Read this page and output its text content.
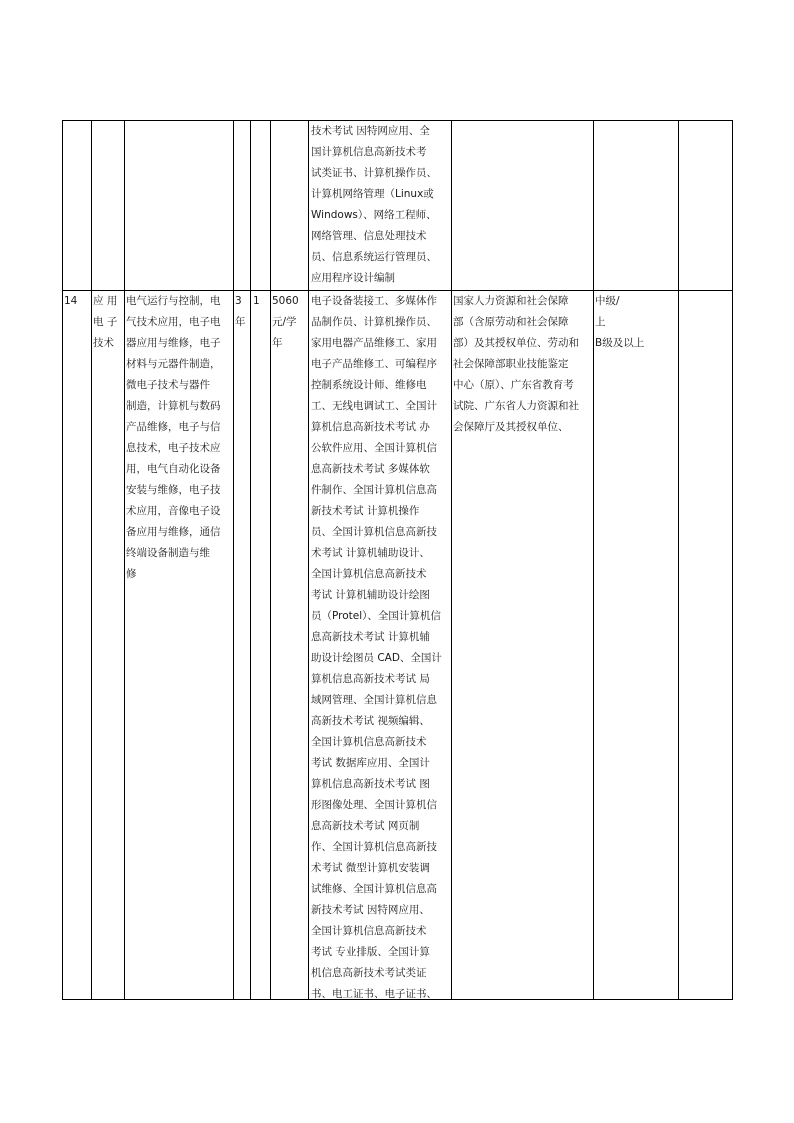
技术考试 因特网应用、全
国计算机信息高新技术考
试类证书、计算机操作员、
计算机网络管理（Linux或
Windows）、网络工程师、
网络管理、信息处理技术
员、信息系统运行管理员、
应用程序设计编制
14	应 用
电 子
技术
电气运行与控制，电
气技术应用，电子电
器应用与维修，电子
材料与元器件制造，
微电子技术与器件
制造，计算机与数码
产品维修，电子与信
息技术，电子技术应
用，电气自动化设备
安装与维修，电子技
术应用，音像电子设
备应用与维修，通信
终端设备制造与维
修
3
年
1	5060
元/学
年
电子设备装接工、多媒体作
品制作员、计算机操作员、
家用电器产品维修工、家用
电子产品维修工、可编程序
控制系统设计师、维修电
工、无线电调试工、全国计
算机信息高新技术考试 办
公软件应用、全国计算机信
息高新技术考试 多媒体软
件制作、全国计算机信息高
新技术考试 计算机操作
员、全国计算机信息高新技
术考试 计算机辅助设计、
全国计算机信息高新技术
考试 计算机辅助设计绘图
员（Protel）、全国计算机信
息高新技术考试 计算机辅
助设计绘图员 CAD、全国计
算机信息高新技术考试 局
域网管理、全国计算机信息
高新技术考试 视频编辑、
全国计算机信息高新技术
考试 数据库应用、全国计
算机信息高新技术考试 图
形图像处理、全国计算机信
息高新技术考试 网页制
作、全国计算机信息高新技
术考试 微型计算机安装调
试维修、全国计算机信息高
新技术考试 因特网应用、
全国计算机信息高新技术
考试 专业排版、全国计算
机信息高新技术考试类证
书、电工证书、电子证书、
国家人力资源和社会保障
部（含原劳动和社会保障
部）及其授权单位、劳动和
社会保障部职业技能鉴定
中心（原）、广东省教育考
试院、广东省人力资源和社
会保障厅及其授权单位、
中级/
上
B级及以上
